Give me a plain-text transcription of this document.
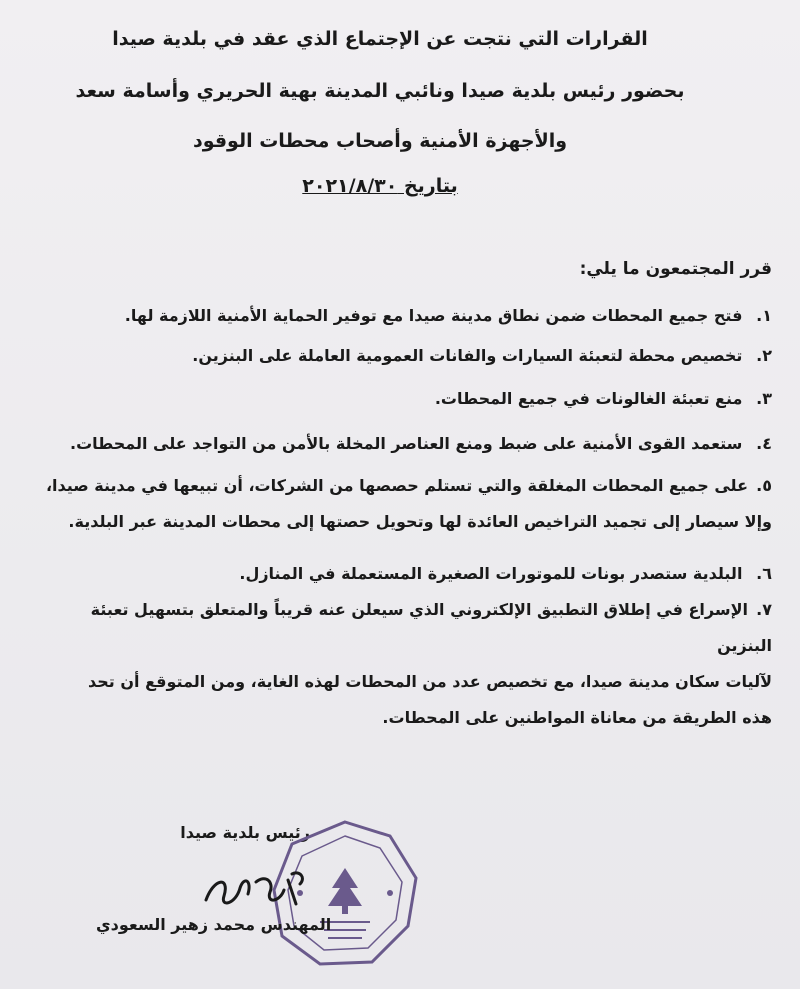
القرارات التي نتجت عن الإجتماع الذي عقد في بلدية صيدا
بحضور رئيس بلدية صيدا ونائبي المدينة بهية الحريري وأسامة سعد
والأجهزة الأمنية وأصحاب محطات الوقود
بتاريخ ٢٠٢١/٨/٣٠
قرر المجتمعون ما يلي:
١. فتح جميع المحطات ضمن نطاق مدينة صيدا مع توفير الحماية الأمنية اللازمة لها.
٢. تخصيص محطة لتعبئة السيارات والفانات العمومية العاملة على البنزين.
٣. منع تعبئة الغالونات في جميع المحطات.
٤. ستعمد القوى الأمنية على ضبط ومنع العناصر المخلة بالأمن من التواجد على المحطات.
٥.على جميع المحطات المغلقة والتي تستلم حصصها من الشركات، أن تبيعها في مدينة صيدا،
وإلا سيصار إلى تجميد التراخيص العائدة لها وتحويل حصتها إلى محطات المدينة عبر البلدية.
٦. البلدية ستصدر بونات للموتورات الصغيرة المستعملة في المنازل.
٧.الإسراع في إطلاق التطبيق الإلكتروني الذي سيعلن عنه قريباً والمتعلق بتسهيل تعبئة البنزين
لآليات سكان مدينة صيدا، مع تخصيص عدد من المحطات لهذه الغاية، ومن المتوقع أن تحد
هذه الطريقة من معاناة المواطنين على المحطات.
رئيس بلدية صيدا
المهندس محمد زهير السعودي
